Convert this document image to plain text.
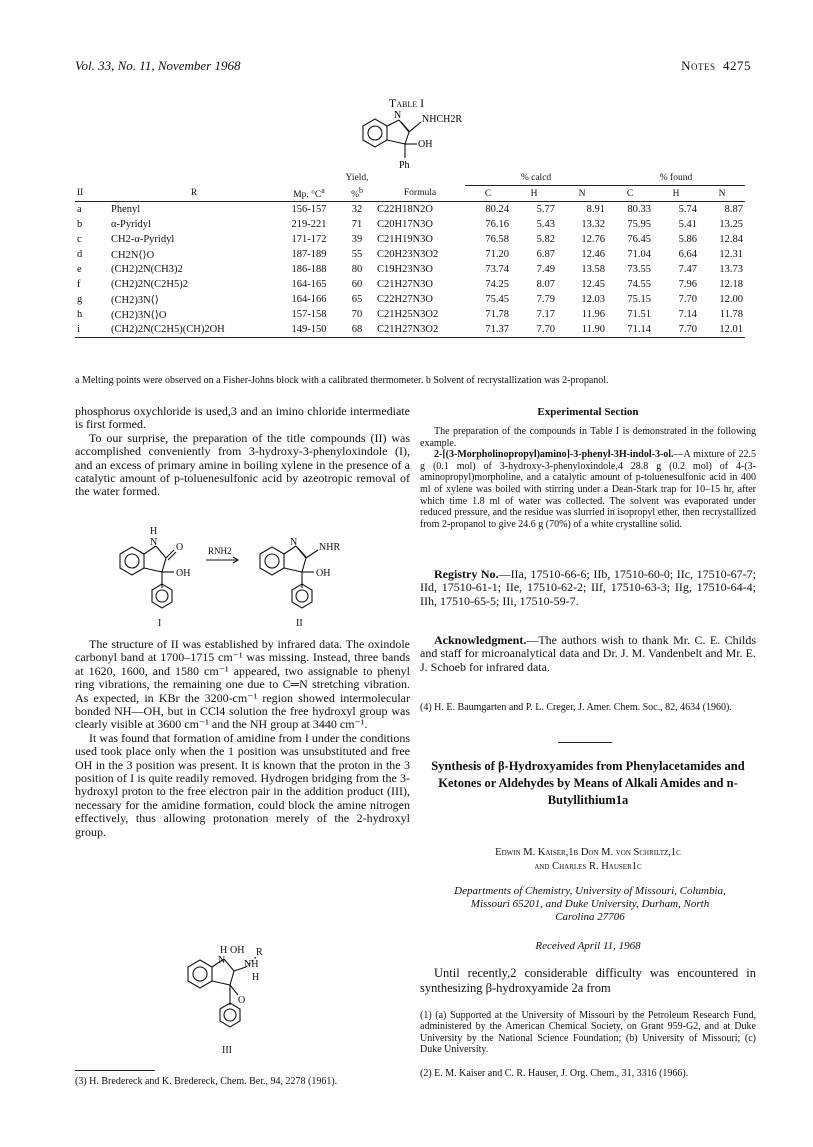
Vol. 33, No. 11, November 1968	Notes 4275
Table I
N NHCH2R
OH
Ph
			Yield,		% calcd			% found		
II	R	Mp, $^\circ C^a$	%$^b$	Formula	C	H	N	C	H	N
a	Phenyl	156-157	32	C22H18N2O	80.24	5.77	8.91	80.33	5.74	8.87
b	α-Pyridyl	219-221	71	C20H17N3O	76.16	5.43	13.32	75.95	5.41	13.25
c	CH2-α-Pyridyl	171-172	39	C21H19N3O	76.58	5.82	12.76	76.45	5.86	12.84
d	CH2N⟨⟩O	187-189	55	C20H23N3O2	71.20	6.87	12.46	71.04	6.64	12.31
e	(CH2)2N(CH3)2	186-188	80	C19H23N3O	73.74	7.49	13.58	73.55	7.47	13.73
f	(CH2)2N(C2H5)2	164-165	60	C21H27N3O	74.25	8.07	12.45	74.55	7.96	12.18
g	(CH2)3N⟨⟩	164-166	65	C22H27N3O	75.45	7.79	12.03	75.15	7.70	12.00
h	(CH2)3N⟨⟩O	157-158	70	C21H25N3O2	71.78	7.17	11.96	71.51	7.14	11.78
i	(CH2)2N(C2H5)(CH)2OH	149-150	68	C21H27N3O2	71.37	7.70	11.90	71.14	7.70	12.01
a Melting points were observed on a Fisher-Johns block with a calibrated thermometer. b Solvent of recrystallization was 2-propanol.

phosphorus oxychloride is used,3 and an imino chloride intermediate is first formed.

To our surprise, the preparation of the title compounds (II) was accomplished conveniently from 3-hydroxy-3-phenyloxindole (I), and an excess of primary amine in boiling xylene in the presence of a catalytic amount of p-toluenesulfonic acid by azeotropic removal of the water formed.

H
N O
OH
RNH2
N NHR
OH
I	II

The structure of II was established by infrared data. The oxindole carbonyl band at 1700–1715 cm⁻¹ was missing. Instead, three bands at 1620, 1600, and 1580 cm⁻¹ appeared, two assignable to phenyl ring vibrations, the remaining one due to C═N stretching vibration. As expected, in KBr the 3200-cm⁻¹ region showed intermolecular bonded NH—OH, but in CCl4 solution the free hydroxyl group was clearly visible at 3600 cm⁻¹ and the NH group at 3440 cm⁻¹.

It was found that formation of amidine from I under the conditions used took place only when the 1 position was unsubstituted and free OH in the 3 position was present. It is known that the proton in the 3 position of I is quite readily removed. Hydrogen bridging from the 3-hydroxyl proton to the free electron pair in the addition product (III), necessary for the amidine formation, could block the amine nitrogen effectively, thus allowing protonation merely of the 2-hydroxyl group.

H OH R
N NH
H
O
III
(3) H. Bredereck and K. Bredereck, Chem. Ber., 94, 2278 (1961).
Experimental Section

The preparation of the compounds in Table I is demonstrated in the following example.

2-[(3-Morpholinopropyl)amino]-3-phenyl-3H-indol-3-ol.—A mixture of 22.5 g (0.1 mol) of 3-hydroxy-3-phenyloxindole,4 28.8 g (0.2 mol) of 4-(3-aminopropyl)morpholine, and a catalytic amount of p-toluenesulfonic acid in 400 ml of xylene was boiled with stirring under a Dean-Stark trap for 10–15 hr, after which time 1.8 ml of water was collected. The solvent was evaporated under reduced pressure, and the residue was slurried in isopropyl ether, then recrystallized from 2-propanol to give 24.6 g (70%) of a white crystalline solid.

Registry No.—IIa, 17510-66-6; IIb, 17510-60-0; IIc, 17510-67-7; IId, 17510-61-1; IIe, 17510-62-2; IIf, 17510-63-3; IIg, 17510-64-4; IIh, 17510-65-5; IIi, 17510-59-7.

Acknowledgment.—The authors wish to thank Mr. C. E. Childs and staff for microanalytical data and Dr. J. M. Vandenbelt and Mr. E. J. Schoeb for infrared data.

(4) H. E. Baumgarten and P. L. Creger, J. Amer. Chem. Soc., 82, 4634 (1960).
Synthesis of β-Hydroxyamides from Phenylacetamides and Ketones or Aldehydes by Means of Alkali Amides and n-Butyllithium1a
Edwin M. Kaiser,1b Don M. von Schriltz,1c
and Charles R. Hauser1c
Departments of Chemistry, University of Missouri, Columbia, Missouri 65201, and Duke University, Durham, North Carolina 27706
Received April 11, 1968

Until recently,2 considerable difficulty was encountered in synthesizing β-hydroxyamide 2a from

(1) (a) Supported at the University of Missouri by the Petroleum Research Fund, administered by the American Chemical Society, on Grant 959-G2, and at Duke University by the National Science Foundation; (b) University of Missouri; (c) Duke University.
(2) E. M. Kaiser and C. R. Hauser, J. Org. Chem., 31, 3316 (1966).
